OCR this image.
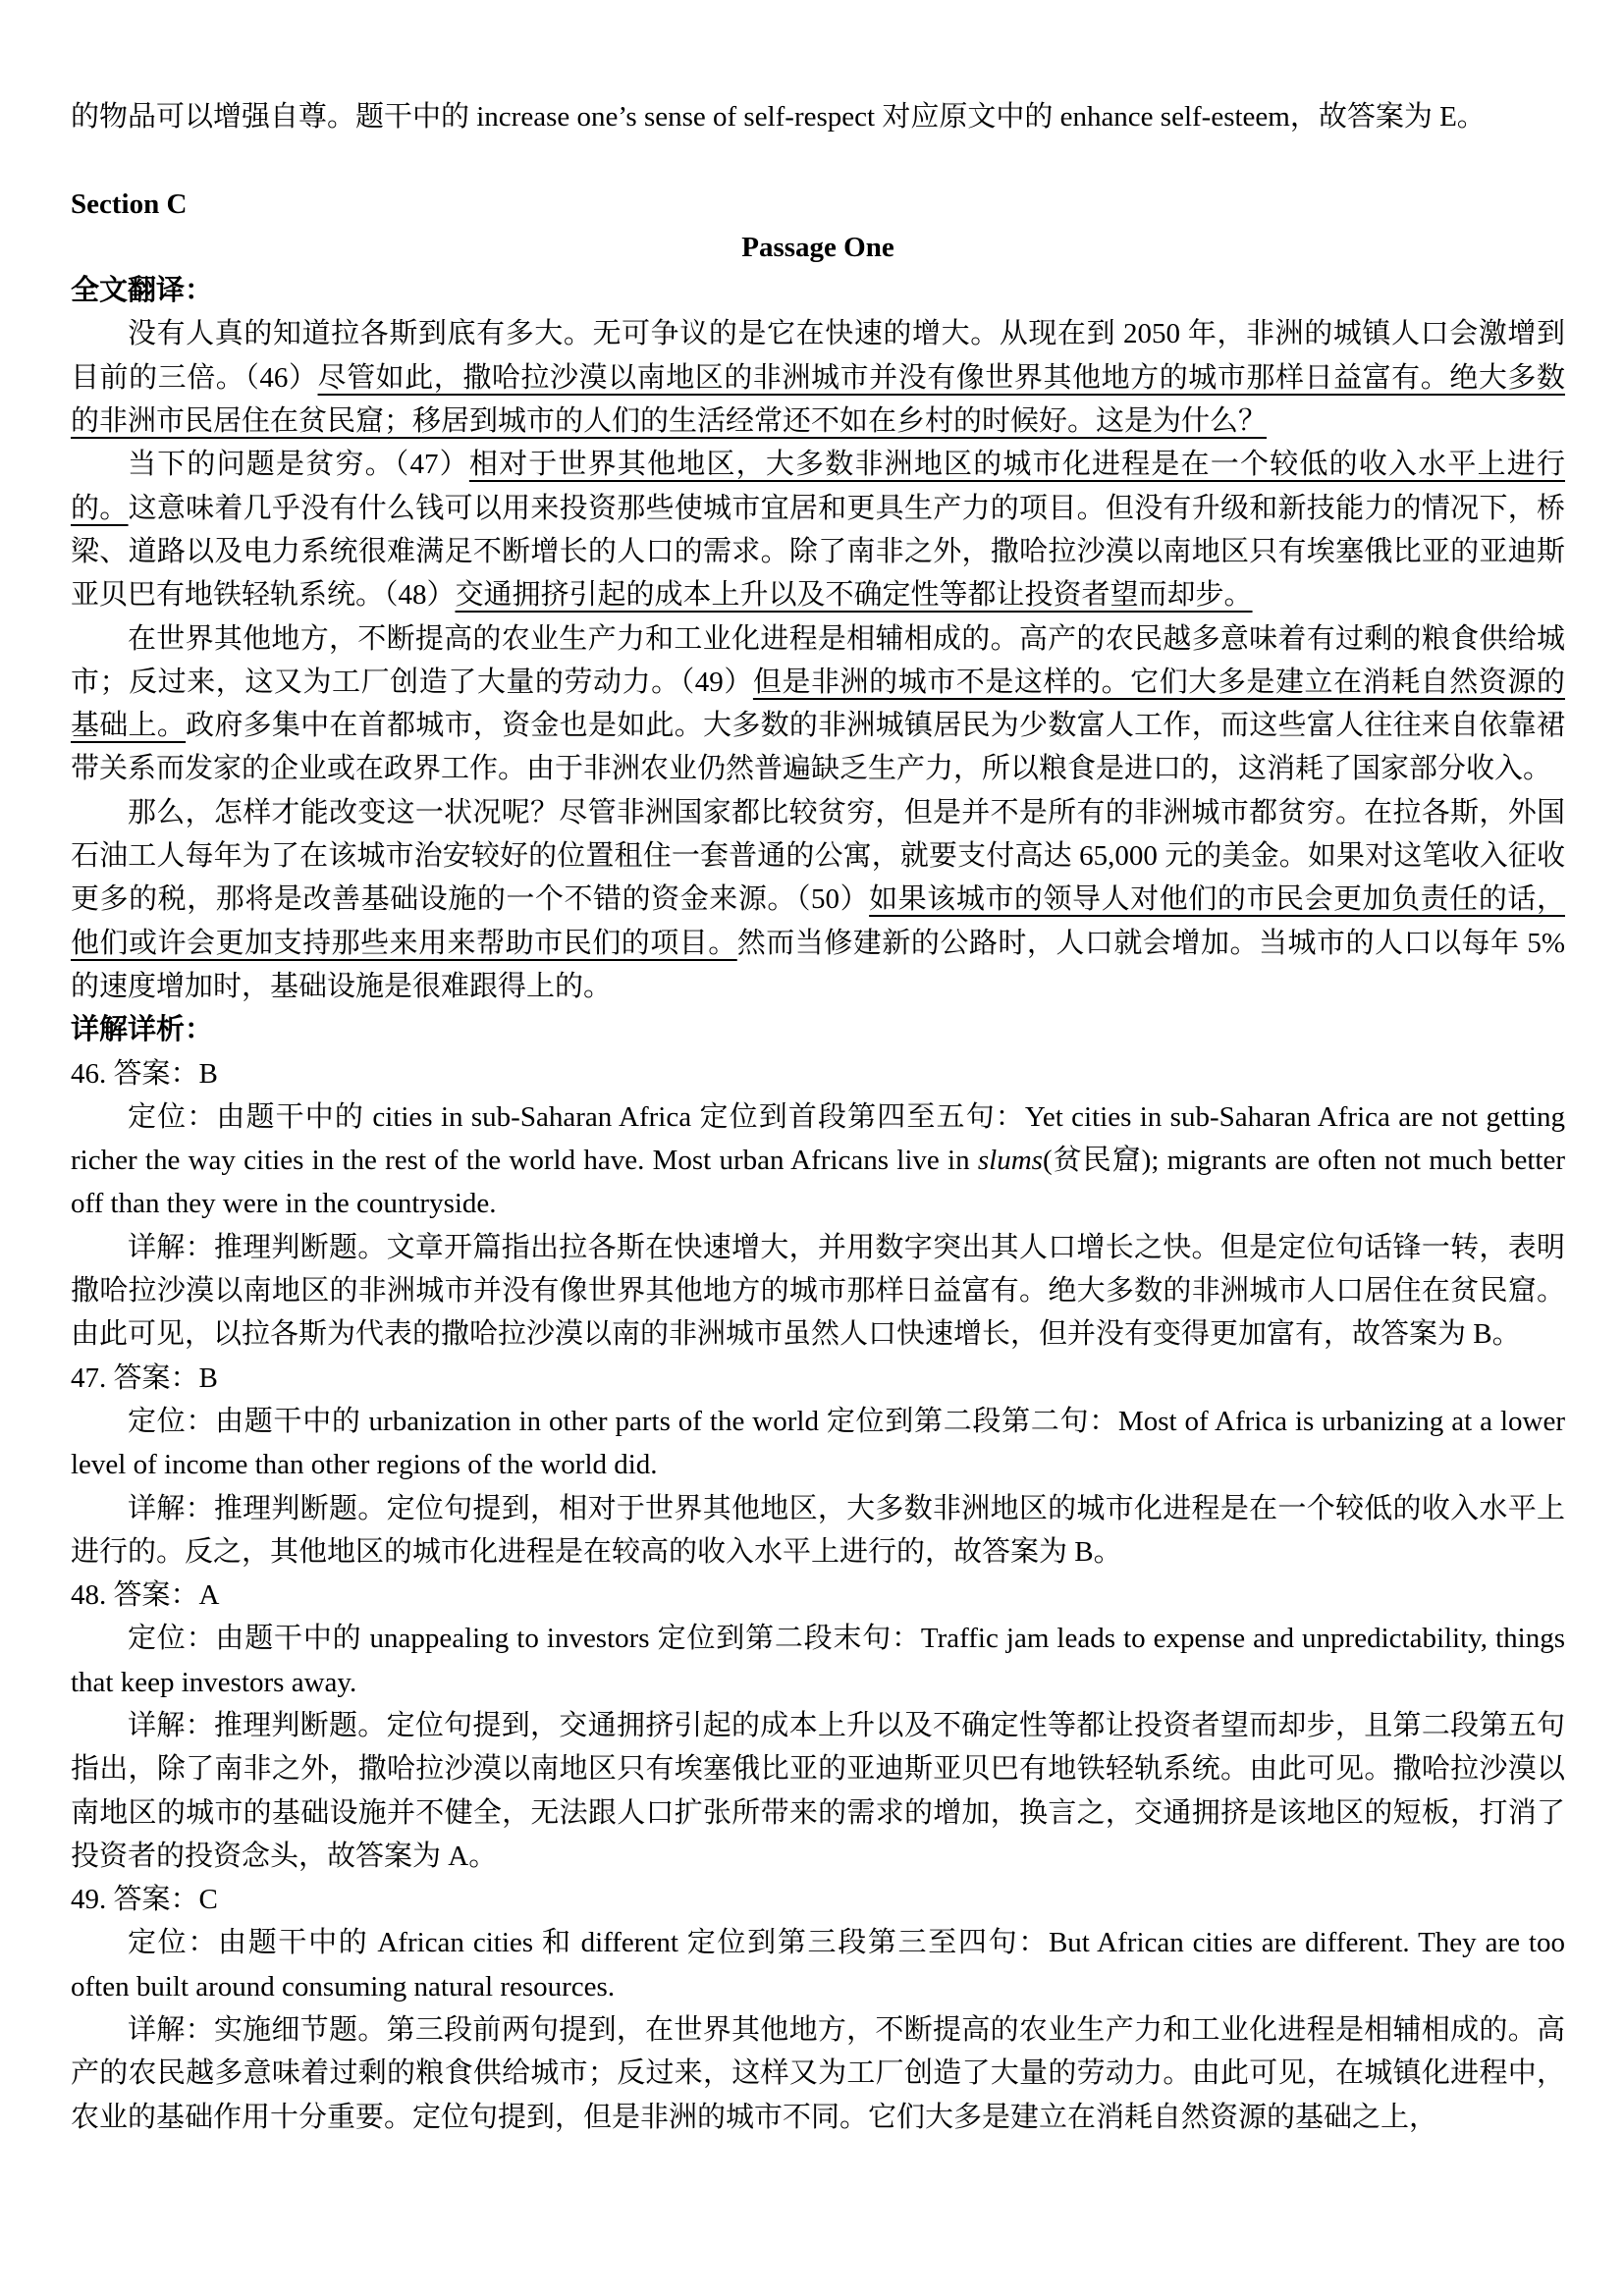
的物品可以增强自尊。题干中的 increase one’s sense of self-respect 对应原文中的 enhance self-esteem，故答案为 E。

Section C

Passage One

全文翻译：

没有人真的知道拉各斯到底有多大。无可争议的是它在快速的增大。从现在到 2050 年，非洲的城镇人口会激增到目前的三倍。（46）尽管如此，撒哈拉沙漠以南地区的非洲城市并没有像世界其他地方的城市那样日益富有。绝大多数的非洲市民居住在贫民窟；移居到城市的人们的生活经常还不如在乡村的时候好。这是为什么？

当下的问题是贫穷。（47）相对于世界其他地区，大多数非洲地区的城市化进程是在一个较低的收入水平上进行的。这意味着几乎没有什么钱可以用来投资那些使城市宜居和更具生产力的项目。但没有升级和新技能力的情况下，桥梁、道路以及电力系统很难满足不断增长的人口的需求。除了南非之外，撒哈拉沙漠以南地区只有埃塞俄比亚的亚迪斯亚贝巴有地铁轻轨系统。（48）交通拥挤引起的成本上升以及不确定性等都让投资者望而却步。

在世界其他地方，不断提高的农业生产力和工业化进程是相辅相成的。高产的农民越多意味着有过剩的粮食供给城市；反过来，这又为工厂创造了大量的劳动力。（49）但是非洲的城市不是这样的。它们大多是建立在消耗自然资源的基础上。政府多集中在首都城市，资金也是如此。大多数的非洲城镇居民为少数富人工作，而这些富人往往来自依靠裙带关系而发家的企业或在政界工作。由于非洲农业仍然普遍缺乏生产力，所以粮食是进口的，这消耗了国家部分收入。

那么，怎样才能改变这一状况呢？尽管非洲国家都比较贫穷，但是并不是所有的非洲城市都贫穷。在拉各斯，外国石油工人每年为了在该城市治安较好的位置租住一套普通的公寓，就要支付高达 65,000 元的美金。如果对这笔收入征收更多的税，那将是改善基础设施的一个不错的资金来源。（50）如果该城市的领导人对他们的市民会更加负责任的话，他们或许会更加支持那些来用来帮助市民们的项目。然而当修建新的公路时，人口就会增加。当城市的人口以每年 5%的速度增加时，基础设施是很难跟得上的。

详解详析：

46. 答案：B

定位：由题干中的 cities in sub-Saharan Africa 定位到首段第四至五句：Yet cities in sub-Saharan Africa are not getting richer the way cities in the rest of the world have. Most urban Africans live in slums(贫民窟); migrants are often not much better off than they were in the countryside.

详解：推理判断题。文章开篇指出拉各斯在快速增大，并用数字突出其人口增长之快。但是定位句话锋一转，表明撒哈拉沙漠以南地区的非洲城市并没有像世界其他地方的城市那样日益富有。绝大多数的非洲城市人口居住在贫民窟。由此可见，以拉各斯为代表的撒哈拉沙漠以南的非洲城市虽然人口快速增长，但并没有变得更加富有，故答案为 B。

47. 答案：B

定位：由题干中的 urbanization in other parts of the world 定位到第二段第二句：Most of Africa is urbanizing at a lower level of income than other regions of the world did.

详解：推理判断题。定位句提到，相对于世界其他地区，大多数非洲地区的城市化进程是在一个较低的收入水平上进行的。反之，其他地区的城市化进程是在较高的收入水平上进行的，故答案为 B。

48. 答案：A

定位：由题干中的 unappealing to investors 定位到第二段末句：Traffic jam leads to expense and unpredictability, things that keep investors away.

详解：推理判断题。定位句提到，交通拥挤引起的成本上升以及不确定性等都让投资者望而却步，且第二段第五句指出，除了南非之外，撒哈拉沙漠以南地区只有埃塞俄比亚的亚迪斯亚贝巴有地铁轻轨系统。由此可见。撒哈拉沙漠以南地区的城市的基础设施并不健全，无法跟人口扩张所带来的需求的增加，换言之，交通拥挤是该地区的短板，打消了投资者的投资念头，故答案为 A。

49. 答案：C

定位：由题干中的 African cities 和 different 定位到第三段第三至四句：But African cities are different. They are too often built around consuming natural resources.

详解：实施细节题。第三段前两句提到，在世界其他地方，不断提高的农业生产力和工业化进程是相辅相成的。高产的农民越多意味着过剩的粮食供给城市；反过来，这样又为工厂创造了大量的劳动力。由此可见，在城镇化进程中，农业的基础作用十分重要。定位句提到，但是非洲的城市不同。它们大多是建立在消耗自然资源的基础之上，
